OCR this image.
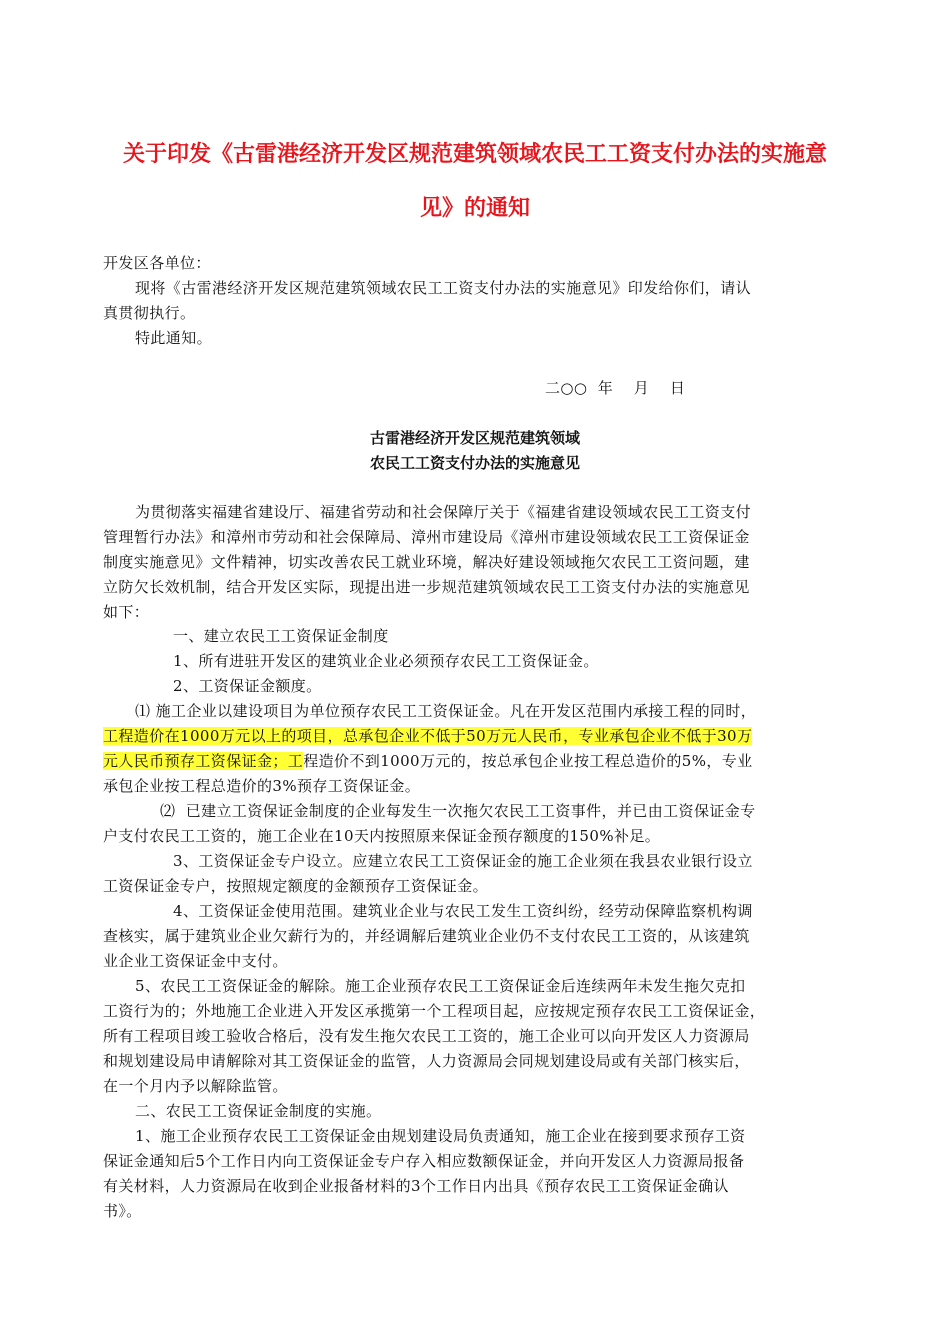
关于印发《古雷港经济开发区规范建筑领域农民工工资支付办法的实施意
见》的通知

开发区各单位：

现将《古雷港经济开发区规范建筑领域农民工工资支付办法的实施意见》印发给你们，请认

真贯彻执行。

特此通知。

二○○  年    月    日

古雷港经济开发区规范建筑领域

农民工工资支付办法的实施意见

为贯彻落实福建省建设厅、福建省劳动和社会保障厅关于《福建省建设领域农民工工资支付

管理暂行办法》和漳州市劳动和社会保障局、漳州市建设局《漳州市建设领域农民工工资保证金

制度实施意见》文件精神，切实改善农民工就业环境，解决好建设领域拖欠农民工工资问题，建

立防欠长效机制，结合开发区实际，现提出进一步规范建筑领域农民工工资支付办法的实施意见

如下：

一、建立农民工工资保证金制度

1、所有进驻开发区的建筑业企业必须预存农民工工资保证金。

2、工资保证金额度。

⑴ 施工企业以建设项目为单位预存农民工工资保证金。凡在开发区范围内承接工程的同时，

工程造价在1000万元以上的项目，总承包企业不低于50万元人民币，专业承包企业不低于30万

元人民币预存工资保证金；工程造价不到1000万元的，按总承包企业按工程总造价的5%，专业

承包企业按工程总造价的3%预存工资保证金。

⑵  已建立工资保证金制度的企业每发生一次拖欠农民工工资事件，并已由工资保证金专

户支付农民工工资的，施工企业在10天内按照原来保证金预存额度的150%补足。

3、工资保证金专户设立。应建立农民工工资保证金的施工企业须在我县农业银行设立

工资保证金专户，按照规定额度的金额预存工资保证金。

4、工资保证金使用范围。建筑业企业与农民工发生工资纠纷，经劳动保障监察机构调

查核实，属于建筑业企业欠薪行为的，并经调解后建筑业企业仍不支付农民工工资的，从该建筑

业企业工资保证金中支付。

5、农民工工资保证金的解除。施工企业预存农民工工资保证金后连续两年未发生拖欠克扣

工资行为的；外地施工企业进入开发区承揽第一个工程项目起，应按规定预存农民工工资保证金，

所有工程项目竣工验收合格后，没有发生拖欠农民工工资的，施工企业可以向开发区人力资源局

和规划建设局申请解除对其工资保证金的监管，人力资源局会同规划建设局或有关部门核实后，

在一个月内予以解除监管。

二、农民工工资保证金制度的实施。

1、施工企业预存农民工工资保证金由规划建设局负责通知，施工企业在接到要求预存工资

保证金通知后5个工作日内向工资保证金专户存入相应数额保证金，并向开发区人力资源局报备

有关材料，人力资源局在收到企业报备材料的3个工作日内出具《预存农民工工资保证金确认

书》。
